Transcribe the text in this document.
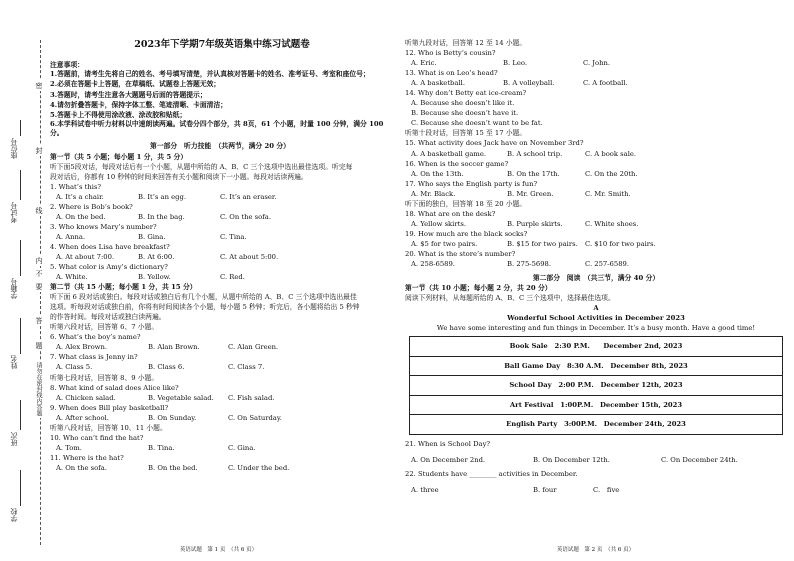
座位号
考试号
学籍号
姓名
班次
学校
密
封
线
内
不
要
答
题
请勿在密封线内答题
2023年下学期7年级英语集中练习试题卷
注意事项：
1.答题前，请考生先将自己的姓名、考号填写清楚，并认真核对答题卡的姓名、准考证号、考室和座位号；
2.必须在答题卡上答题，在草稿纸、试题卷上答题无效；
3.答题时，请考生注意各大题题号后面的答题提示；
4.请勿折叠答题卡，保持字体工整、笔迹清晰、卡面清洁；
5.答题卡上不得使用涂改液、涂改胶和贴纸；
6.本学科试卷中听力材料以中速朗读两遍。试卷分四个部分，共 8页，61 个小题，时量 100 分钟，满分 100 分。
第一部分　听力技能　（共两节，满分 20 分）
第一节（共 5 小题；每小题 1 分，共 5 分）
听下面5段对话，每段对话后有一个小题，从题中所给的 A、B、C 三个选项中选出最佳选项。听完每
段对话后，你都有 10 秒钟的时间来回答有关小题和阅读下一小题。每段对话读两遍。
1. What’s this?
A. It’s a chair.	B. It’s an egg.	C. It’s an eraser.
2. Where is Bob’s book?
A. On the bed.	B. In the bag.	C. On the sofa.
3. Who knows Mary’s number?
A. Anna.	B. Gina.	C. Tina.
4. When does Lisa have breakfast?
A. At about 7:00.	B. At 6:00.	C. At about 5:00.
5. What color is Amy’s dictionary?
A. White.	B. Yellow.	C. Red.
第二节（共 15 小题；每小题 1 分，共 15 分）
听下面 6 段对话或独白。每段对话或独白后有几个小题，从题中所给的 A、B、C 三个选项中选出最佳
选项。听每段对话或独白前，你将有时间阅读各个小题，每小题 5 秒钟；听完后，各小题将给出 5 秒钟
的作答时间。每段对话或独白读两遍。
听第六段对话，回答第 6、7 小题。
6. What’s the boy’s name?
A. Alex Brown.	B. Alan Brown.	C. Alan Green.
7. What class is Jenny in?
A. Class 5.	B. Class 6.	C. Class 7.
听第七段对话，回答第 8、9 小题。
8. What kind of salad does Alice like?
A. Chicken salad.	B. Vegetable salad.	C. Fish salad.
9. When does Bill play basketball?
A. After school.	B. On Sunday.	C. On Saturday.
听第八段对话，回答第 10、11 小题。
10. Who can’t find the hat?
A. Tom.	B. Tina.	C. Gina.
11. Where is the hat?
A. On the sofa.	B. On the bed.	C. Under the bed.
英语试题　第 1 页　（共 6 页）
听第九段对话，回答第 12 至 14 小题。
12. Who is Betty’s cousin?
A. Eric.	B. Leo.	C. John.
13. What is on Leo’s head?
A. A basketball.	B. A volleyball.	C. A football.
14. Why don’t Betty eat ice-cream?
A. Because she doesn’t like it.
B. Because she doesn’t have it.
C. Because she doesn’t want to be fat.
听第十段对话，回答第 15 至 17 小题。
15. What activity does Jack have on November 3rd?
A. A basketball game.	B. A school trip.	C. A book sale.
16. When is the soccer game?
A. On the 13th.	B. On the 17th.	C. On the 20th.
17. Who says the English party is fun?
A. Mr. Black.	B. Mr. Green.	C. Mr. Smith.
听下面的独白，回答第 18 至 20 小题。
18. What are on the desk?
A. Yellow skirts.	B. Purple skirts.	C. White shoes.
19. How much are the black socks?
A. $5 for two pairs.	B. $15 for two pairs.	C. $10 for two pairs.
20. What is the store’s number?
A. 258-6589.	B. 275-5698.	C. 257-6589.
第二部分　阅读　（共三节，满分 40 分）
第一节（共 10 小题；每小题 2 分，共 20 分）
阅读下列材料，从每题所给的 A、B、C 三个选项中，选择最佳选项。
A
Wonderful School Activities in December 2023
We have some interesting and fun things in December. It’s a busy month. Have a good time!
Book Sale　2:30 P.M.　　December 2nd, 2023
Ball Game Day　8:30 A.M.　December 8th, 2023
School Day　2:00 P.M.　December 12th, 2023
Art Festival　1:00P.M.　December 15th, 2023
English Party　3:00P.M.　December 24th, 2023
21. When is School Day?
A. On December 2nd.	B. On December 12th.	C. On December 24th.
22. Students have ________ activities in December.
A. three	B. four	C.　five
英语试题　第 2 页　（共 6 页）
